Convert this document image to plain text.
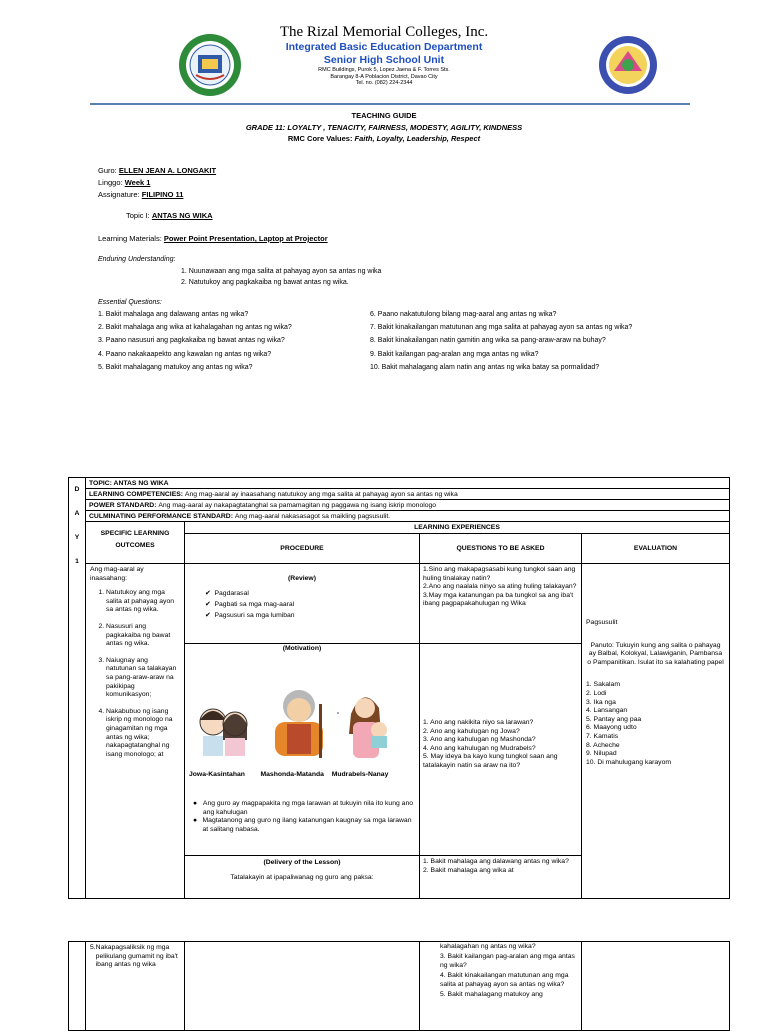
The Rizal Memorial Colleges, Inc.
Integrated Basic Education Department
Senior High School Unit
RMC Buildings, Purok 5, Lopez Jaena & F. Torres Sts.
Barangay 8-A Poblacion District, Davao City
Tel. no. (082) 224-2344
TEACHING GUIDE
GRADE 11: LOYALTY , TENACITY, FAIRNESS, MODESTY, AGILITY, KINDNESS
RMC Core Values: Faith, Loyalty, Leadership, Respect
Guro: ELLEN JEAN A. LONGAKIT
Linggo: Week 1
Assignature: FILIPINO 11
Topic I: ANTAS NG WIKA
Learning Materials: Power Point Presentation, Laptop at Projector
Enduring Understanding:
1. Nuunawaan ang mga salita at pahayag ayon sa antas ng wika
2. Natutukoy ang pagkakaiba ng bawat antas ng wika.
Essential Questions:
1. Bakit mahalaga ang dalawang antas ng wika?
2. Bakit mahalaga ang wika at kahalagahan ng antas ng wika?
3. Paano nasusuri ang pagkakaiba ng bawat antas ng wika?
4. Paano nakakaapekto ang kawalan ng antas ng wika?
5. Bakit mahalagang matukoy ang antas ng wika?
6. Paano nakatutulong bilang mag-aaral ang antas ng wika?
7. Bakit kinakailangan matutunan ang mga salita at pahayag ayon sa antas ng wika?
8. Bakit kinakailangan natin gamitin ang wika sa pang-araw-araw na buhay?
9. Bakit kailangan pag-aralan ang mga antas ng wika?
10. Bakit mahalagang alam natin ang antas ng wika batay sa pormalidad?
D
A
Y
1
TOPIC: ANTAS NG WIKA
LEARNING COMPETENCIES: Ang mag-aaral ay inaasahang natutukoy ang mga salita at pahayag ayon sa antas ng wika
POWER STANDARD: Ang mag-aaral ay nakapagtatanghal sa pamamagitan ng paggawa ng isang iskrip monologo
CULMINATING PERFORMANCE STANDARD: Ang mag-aaral nakasasagot sa maikling pagsusulit.
SPECIFIC LEARNING OUTCOMES
LEARNING EXPERIENCES
PROCEDURE	QUESTIONS TO BE ASKED	EVALUATION
Ang mag-aaral ay inaasahang:
1. Natutukoy ang mga salita at pahayag ayon sa antas ng wika.
2. Nasusuri ang pagkakaiba ng bawat antas ng wika.
3. Naiugnay ang natutunan sa talakayan sa pang-araw-araw na pakikipag komunikasyon;
4. Nakabubuo ng isang iskrip ng monologo na ginagamitan ng mga antas ng wika; nakapagtatanghal ng isang monologo; at
(Review)
✔ Pagdarasal
✔ Pagbati sa mga mag-aaral
✔ Pagsusuri sa mga lumiban
1.Sino ang makapagsasabi kung tungkol saan ang huling tinalakay natin?
2.Ano ang naalala ninyo sa ating huling talakayan?
3.May mga katanungan pa ba tungkol sa ang iba't ibang pagpapakahulugan ng Wika
(Motivation)
Jowa-Kasintahan Mashonda-Matanda Mudrabels-Nanay
● Ang guro ay magpapakita ng mga larawan at tukuyin nila ito kung ano ang kahulugan
● Magtatanong ang guro ng ilang katanungan kaugnay sa mga larawan at salitang nabasa.
1. Ano ang nakikita niyo sa larawan?
2. Ano ang kahulugan ng Jowa?
3. Ano ang kahulugan ng Mashonda?
4. Ano ang kahulugan ng Mudrabels?
5. May ideya ba kayo kung tungkol saan ang tatalakayin natin sa araw na ito?
(Delivery of the Lesson)
Tatalakayin at ipapaliwanag ng guro ang paksa:
1. Bakit mahalaga ang dalawang antas ng wika?
2. Bakit mahalaga ang wika at
Pagsusulit
Panuto: Tukuyin kung ang salita o pahayag ay Balbal, Kolokyal, Lalawiganin, Pambansa o Pampanitikan. Isulat ito sa kalahating papel
1. Sakalam
2. Lodi
3. Ika nga
4. Lansangan
5. Pantay ang paa
6. Maayong udto
7. Kamatis
8. Acheche
9. Nilupad
10. Di mahulugang karayom
5. Nakapagsaliksik ng mga pelikulang gumamit ng iba't ibang antas ng wika
kahalagahan ng antas ng wika?
3. Bakit kailangan pag-aralan ang mga antas ng wika?
4. Bakit kinakailangan matutunan ang mga salita at pahayag ayon sa antas ng wika?
5. Bakit mahalagang matukoy ang
